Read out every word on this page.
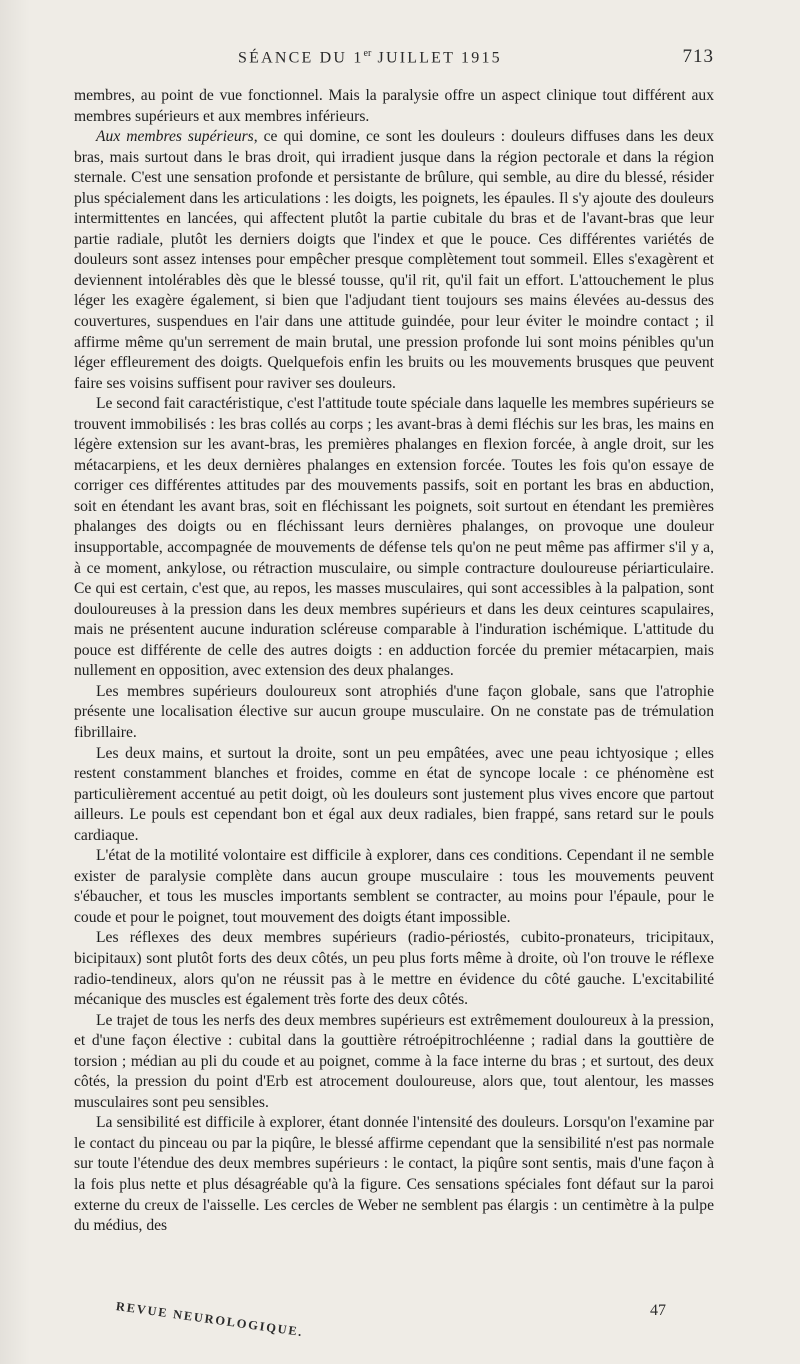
SÉANCE DU 1er JUILLET 1915	713

membres, au point de vue fonctionnel. Mais la paralysie offre un aspect clinique tout différent aux membres supérieurs et aux membres inférieurs.

Aux membres supérieurs, ce qui domine, ce sont les douleurs : douleurs diffuses dans les deux bras, mais surtout dans le bras droit, qui irradient jusque dans la région pectorale et dans la région sternale. C'est une sensation profonde et persistante de brûlure, qui semble, au dire du blessé, résider plus spécialement dans les articulations : les doigts, les poignets, les épaules. Il s'y ajoute des douleurs intermittentes en lancées, qui affectent plutôt la partie cubitale du bras et de l'avant-bras que leur partie radiale, plutôt les derniers doigts que l'index et que le pouce. Ces différentes variétés de douleurs sont assez intenses pour empêcher presque complètement tout sommeil. Elles s'exagèrent et deviennent intolérables dès que le blessé tousse, qu'il rit, qu'il fait un effort. L'attouchement le plus léger les exagère également, si bien que l'adjudant tient toujours ses mains élevées au-dessus des couvertures, suspendues en l'air dans une attitude guindée, pour leur éviter le moindre contact ; il affirme même qu'un serrement de main brutal, une pression profonde lui sont moins pénibles qu'un léger effleurement des doigts. Quelquefois enfin les bruits ou les mouvements brusques que peuvent faire ses voisins suffisent pour raviver ses douleurs.

Le second fait caractéristique, c'est l'attitude toute spéciale dans laquelle les membres supérieurs se trouvent immobilisés : les bras collés au corps ; les avant-bras à demi fléchis sur les bras, les mains en légère extension sur les avant-bras, les premières phalanges en flexion forcée, à angle droit, sur les métacarpiens, et les deux dernières phalanges en extension forcée. Toutes les fois qu'on essaye de corriger ces différentes attitudes par des mouvements passifs, soit en portant les bras en abduction, soit en étendant les avant bras, soit en fléchissant les poignets, soit surtout en étendant les premières phalanges des doigts ou en fléchissant leurs dernières phalanges, on provoque une douleur insupportable, accompagnée de mouvements de défense tels qu'on ne peut même pas affirmer s'il y a, à ce moment, ankylose, ou rétraction musculaire, ou simple contracture douloureuse périarticulaire. Ce qui est certain, c'est que, au repos, les masses musculaires, qui sont accessibles à la palpation, sont douloureuses à la pression dans les deux membres supérieurs et dans les deux ceintures scapulaires, mais ne présentent aucune induration scléreuse comparable à l'induration ischémique. L'attitude du pouce est différente de celle des autres doigts : en adduction forcée du premier métacarpien, mais nullement en opposition, avec extension des deux phalanges.

Les membres supérieurs douloureux sont atrophiés d'une façon globale, sans que l'atrophie présente une localisation élective sur aucun groupe musculaire. On ne constate pas de trémulation fibrillaire.

Les deux mains, et surtout la droite, sont un peu empâtées, avec une peau ichtyosique ; elles restent constamment blanches et froides, comme en état de syncope locale : ce phénomène est particulièrement accentué au petit doigt, où les douleurs sont justement plus vives encore que partout ailleurs. Le pouls est cependant bon et égal aux deux radiales, bien frappé, sans retard sur le pouls cardiaque.

L'état de la motilité volontaire est difficile à explorer, dans ces conditions. Cependant il ne semble exister de paralysie complète dans aucun groupe musculaire : tous les mouvements peuvent s'ébaucher, et tous les muscles importants semblent se contracter, au moins pour l'épaule, pour le coude et pour le poignet, tout mouvement des doigts étant impossible.

Les réflexes des deux membres supérieurs (radio-périostés, cubito-pronateurs, tricipitaux, bicipitaux) sont plutôt forts des deux côtés, un peu plus forts même à droite, où l'on trouve le réflexe radio-tendineux, alors qu'on ne réussit pas à le mettre en évidence du côté gauche. L'excitabilité mécanique des muscles est également très forte des deux côtés.

Le trajet de tous les nerfs des deux membres supérieurs est extrêmement douloureux à la pression, et d'une façon élective : cubital dans la gouttière rétroépitrochléenne ; radial dans la gouttière de torsion ; médian au pli du coude et au poignet, comme à la face interne du bras ; et surtout, des deux côtés, la pression du point d'Erb est atrocement douloureuse, alors que, tout alentour, les masses musculaires sont peu sensibles.

La sensibilité est difficile à explorer, étant donnée l'intensité des douleurs. Lorsqu'on l'examine par le contact du pinceau ou par la piqûre, le blessé affirme cependant que la sensibilité n'est pas normale sur toute l'étendue des deux membres supérieurs : le contact, la piqûre sont sentis, mais d'une façon à la fois plus nette et plus désagréable qu'à la figure. Ces sensations spéciales font défaut sur la paroi externe du creux de l'aisselle. Les cercles de Weber ne semblent pas élargis : un centimètre à la pulpe du médius, des

REVUE NEUROLOGIQUE.	47
